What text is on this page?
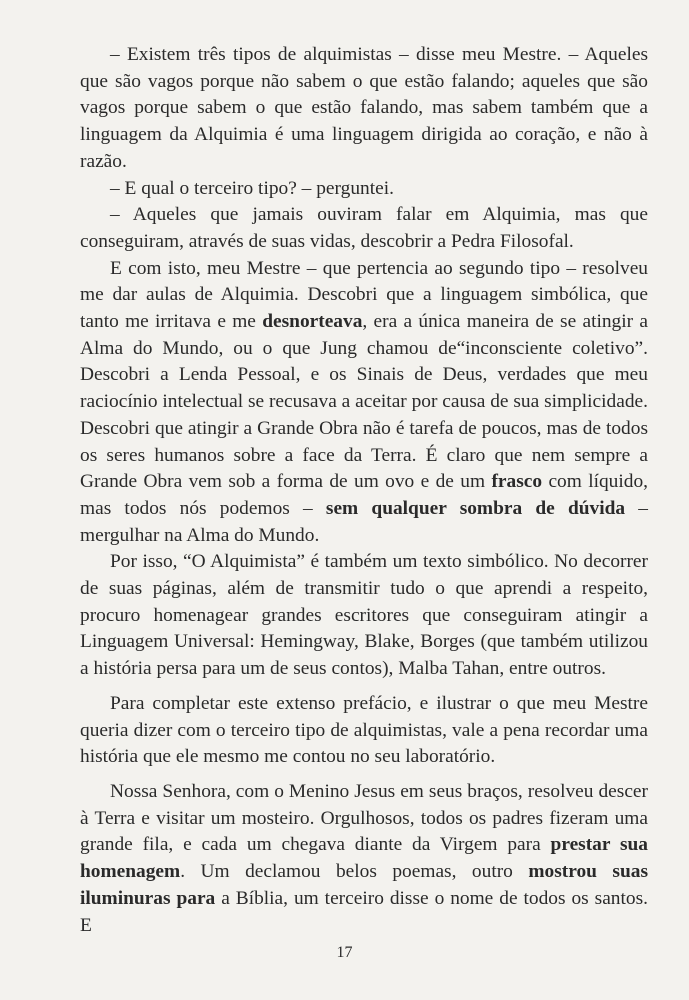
– Existem três tipos de alquimistas – disse meu Mestre. – Aqueles que são vagos porque não sabem o que estão falando; aqueles que são vagos porque sabem o que estão falando, mas sabem também que a linguagem da Alquimia é uma linguagem dirigida ao coração, e não à razão.

– E qual o terceiro tipo? – perguntei.

– Aqueles que jamais ouviram falar em Alquimia, mas que conseguiram, através de suas vidas, descobrir a Pedra Filosofal.

E com isto, meu Mestre – que pertencia ao segundo tipo – resolveu me dar aulas de Alquimia. Descobri que a linguagem simbólica, que tanto me irritava e me desnorteava, era a única maneira de se atingir a Alma do Mundo, ou o que Jung chamou de“inconsciente coletivo”. Descobri a Lenda Pessoal, e os Sinais de Deus, verdades que meu raciocínio intelectual se recusava a aceitar por causa de sua simplicidade. Descobri que atingir a Grande Obra não é tarefa de poucos, mas de todos os seres humanos sobre a face da Terra. É claro que nem sempre a Grande Obra vem sob a forma de um ovo e de um frasco com líquido, mas todos nós podemos – sem qualquer sombra de dúvida – mergulhar na Alma do Mundo.

Por isso, “O Alquimista” é também um texto simbólico. No decorrer de suas páginas, além de transmitir tudo o que aprendi a respeito, procuro homenagear grandes escritores que conseguiram atingir a Linguagem Universal: Hemingway, Blake, Borges (que também utilizou a história persa para um de seus contos), Malba Tahan, entre outros.

Para completar este extenso prefácio, e ilustrar o que meu Mestre queria dizer com o terceiro tipo de alquimistas, vale a pena recordar uma história que ele mesmo me contou no seu laboratório.

Nossa Senhora, com o Menino Jesus em seus braços, resolveu descer à Terra e visitar um mosteiro. Orgulhosos, todos os padres fizeram uma grande fila, e cada um chegava diante da Virgem para prestar sua homenagem. Um declamou belos poemas, outro mostrou suas iluminuras para a Bíblia, um terceiro disse o nome de todos os santos. E

17
